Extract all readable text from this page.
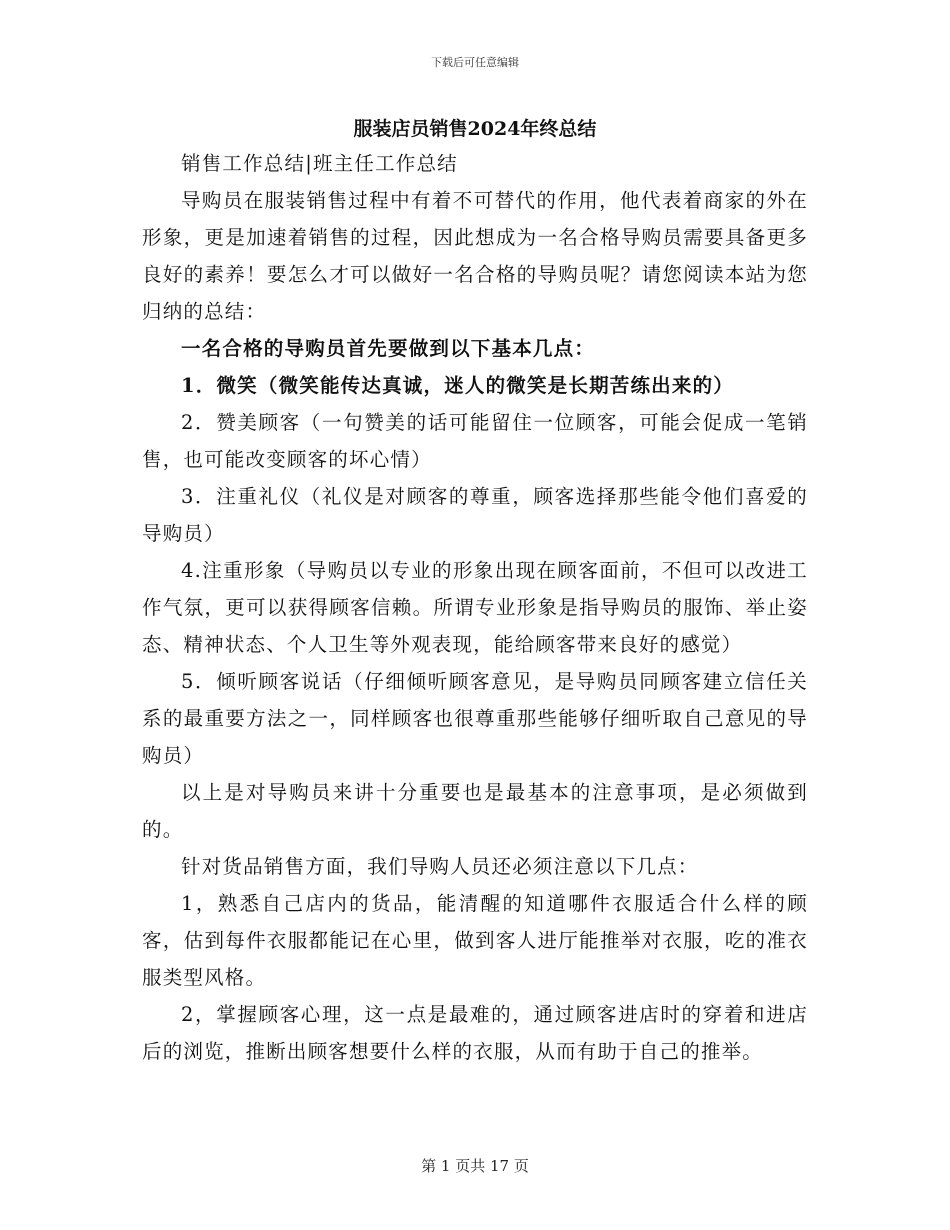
下载后可任意编辑
服装店员销售2024年终总结

销售工作总结|班主任工作总结

导购员在服装销售过程中有着不可替代的作用，他代表着商家的外在形象，更是加速着销售的过程，因此想成为一名合格导购员需要具备更多良好的素养！要怎么才可以做好一名合格的导购员呢？请您阅读本站为您归纳的总结：

一名合格的导购员首先要做到以下基本几点：

1．微笑（微笑能传达真诚，迷人的微笑是长期苦练出来的）

2．赞美顾客（一句赞美的话可能留住一位顾客，可能会促成一笔销售，也可能改变顾客的坏心情）

3．注重礼仪（礼仪是对顾客的尊重，顾客选择那些能令他们喜爱的导购员）

4.注重形象（导购员以专业的形象出现在顾客面前，不但可以改进工作气氛，更可以获得顾客信赖。所谓专业形象是指导购员的服饰、举止姿态、精神状态、个人卫生等外观表现，能给顾客带来良好的感觉）

5．倾听顾客说话（仔细倾听顾客意见，是导购员同顾客建立信任关系的最重要方法之一，同样顾客也很尊重那些能够仔细听取自己意见的导购员）

以上是对导购员来讲十分重要也是最基本的注意事项，是必须做到的。

针对货品销售方面，我们导购人员还必须注意以下几点：

1，熟悉自己店内的货品，能清醒的知道哪件衣服适合什么样的顾客，估到每件衣服都能记在心里，做到客人进厅能推举对衣服，吃的准衣服类型风格。

2，掌握顾客心理，这一点是最难的，通过顾客进店时的穿着和进店后的浏览，推断出顾客想要什么样的衣服，从而有助于自己的推举。

第 1 页共 17 页
